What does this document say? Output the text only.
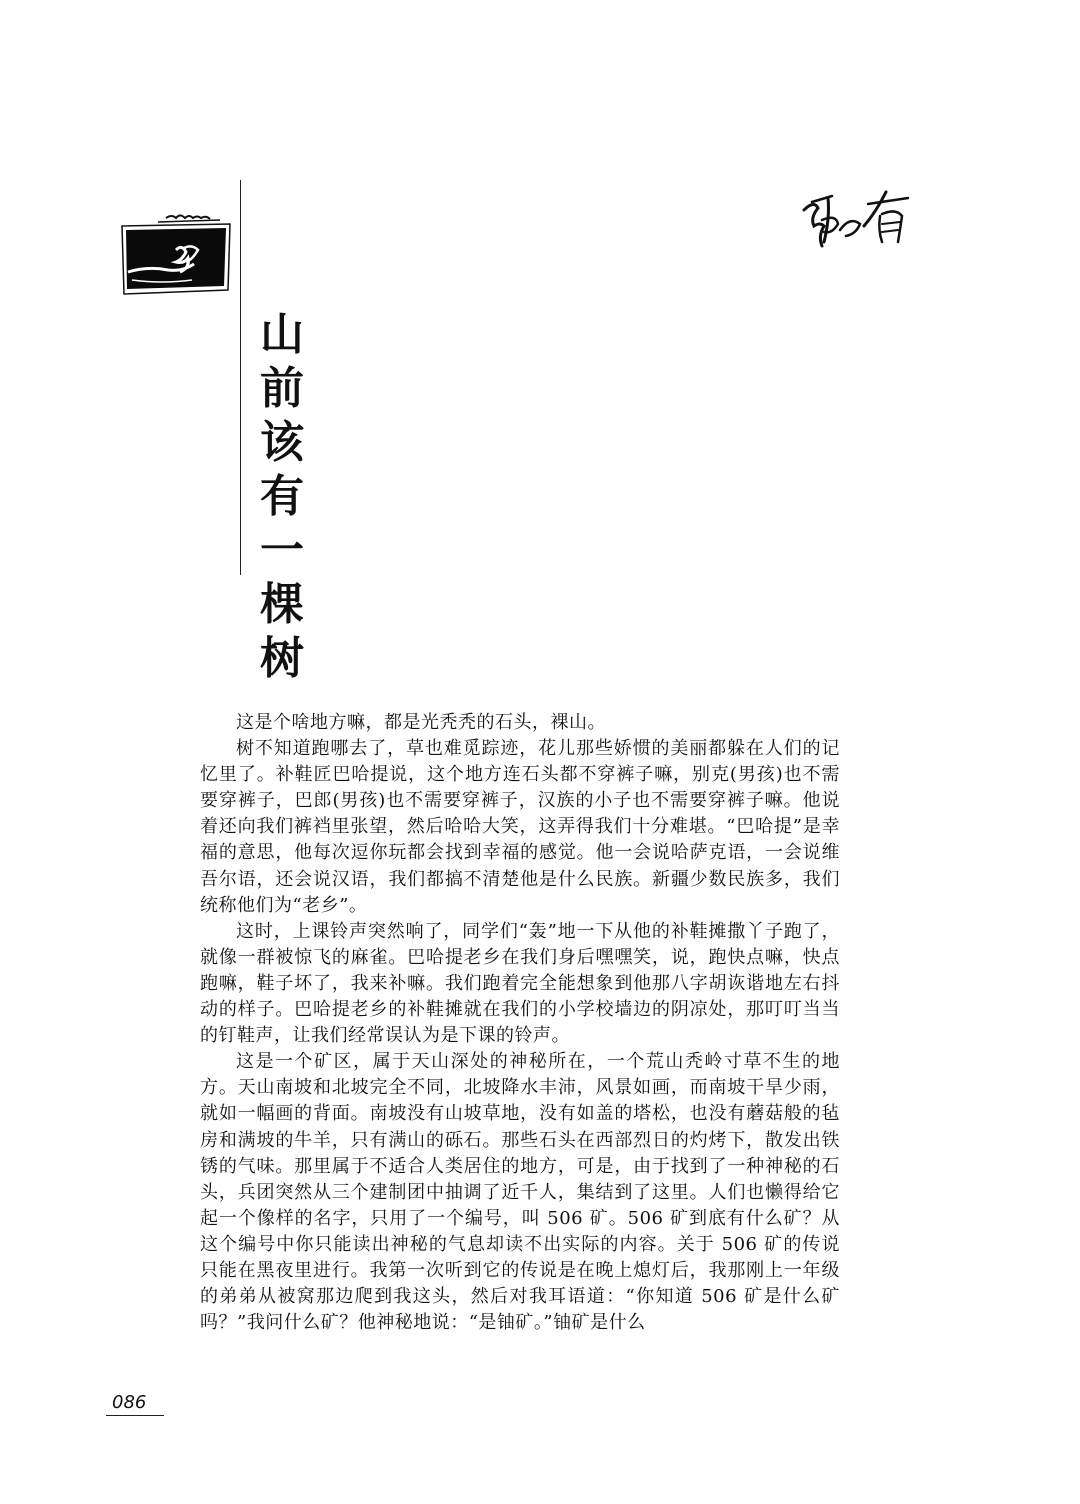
山
前
该
有
一
棵
树

这是个啥地方嘛，都是光秃秃的石头，裸山。

树不知道跑哪去了，草也难觅踪迹，花儿那些娇惯的美丽都躲在人们的记忆里了。补鞋匠巴哈提说，这个地方连石头都不穿裤子嘛，别克(男孩)也不需要穿裤子，巴郎(男孩)也不需要穿裤子，汉族的小子也不需要穿裤子嘛。他说着还向我们裤裆里张望，然后哈哈大笑，这弄得我们十分难堪。“巴哈提”是幸福的意思，他每次逗你玩都会找到幸福的感觉。他一会说哈萨克语，一会说维吾尔语，还会说汉语，我们都搞不清楚他是什么民族。新疆少数民族多，我们统称他们为“老乡”。

这时，上课铃声突然响了，同学们“轰”地一下从他的补鞋摊撒丫子跑了，就像一群被惊飞的麻雀。巴哈提老乡在我们身后嘿嘿笑，说，跑快点嘛，快点跑嘛，鞋子坏了，我来补嘛。我们跑着完全能想象到他那八字胡诙谐地左右抖动的样子。巴哈提老乡的补鞋摊就在我们的小学校墙边的阴凉处，那叮叮当当的钉鞋声，让我们经常误认为是下课的铃声。

这是一个矿区，属于天山深处的神秘所在，一个荒山秃岭寸草不生的地方。天山南坡和北坡完全不同，北坡降水丰沛，风景如画，而南坡干旱少雨，就如一幅画的背面。南坡没有山坡草地，没有如盖的塔松，也没有蘑菇般的毡房和满坡的牛羊，只有满山的砾石。那些石头在西部烈日的灼烤下，散发出铁锈的气味。那里属于不适合人类居住的地方，可是，由于找到了一种神秘的石头，兵团突然从三个建制团中抽调了近千人，集结到了这里。人们也懒得给它起一个像样的名字，只用了一个编号，叫 506 矿。506 矿到底有什么矿？从这个编号中你只能读出神秘的气息却读不出实际的内容。关于 506 矿的传说只能在黑夜里进行。我第一次听到它的传说是在晚上熄灯后，我那刚上一年级的弟弟从被窝那边爬到我这头，然后对我耳语道：“你知道 506 矿是什么矿吗？”我问什么矿？他神秘地说：“是铀矿。”铀矿是什么

086
